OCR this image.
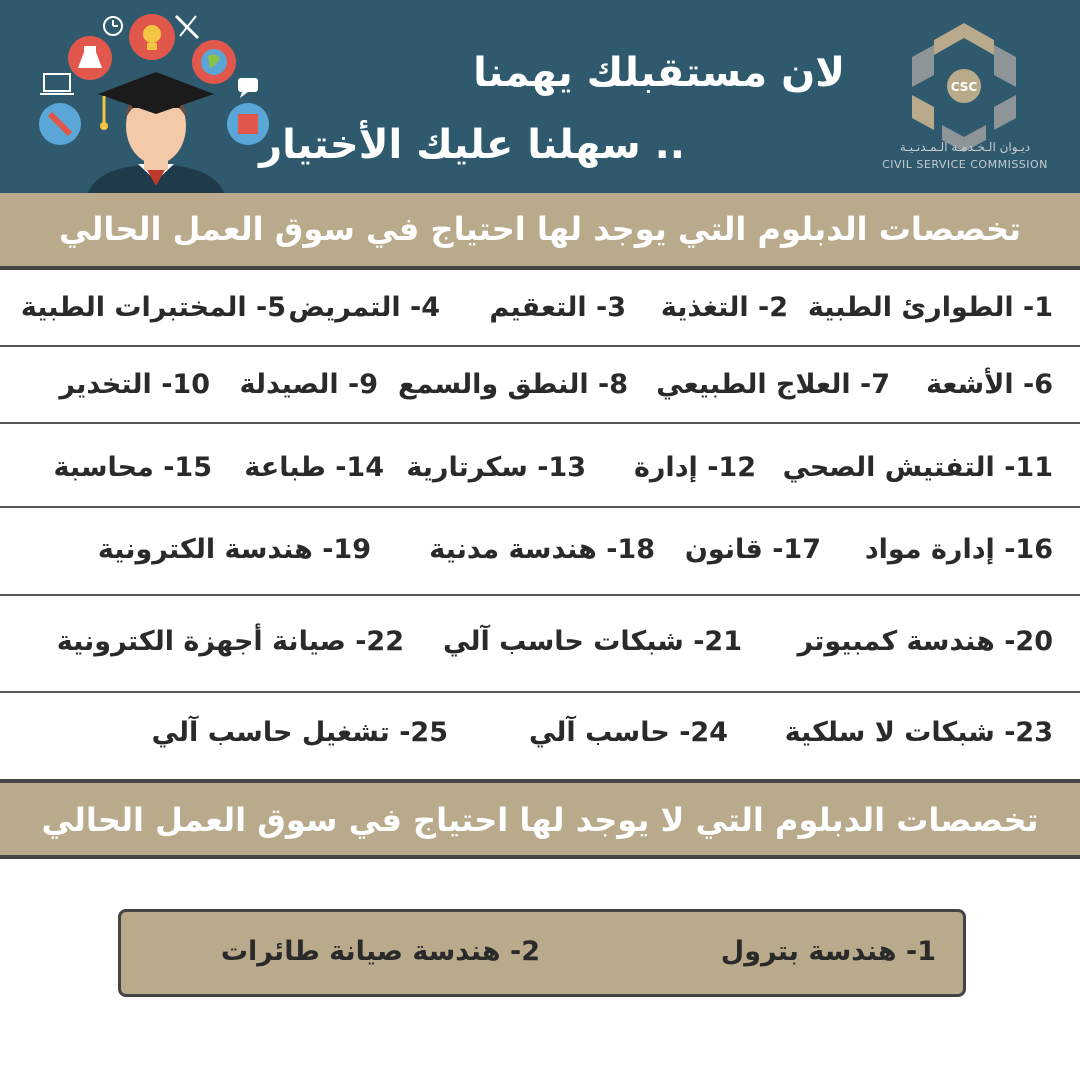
لان مستقبلك يهمنا
.. سهلنا عليك الأختيار
CSC
ديـوان الـخـدمـة الـمـدنـيـة
CIVIL SERVICE COMMISSION
تخصصات الدبلوم التي يوجد لها احتياج في سوق العمل الحالي
1- الطوارئ الطبية
2- التغذية
3- التعقيم
4- التمريض
5- المختبرات الطبية
6- الأشعة
7- العلاج الطبيعي
8- النطق والسمع
9- الصيدلة
10- التخدير
11- التفتيش الصحي
12- إدارة
13- سكرتارية
14- طباعة
15- محاسبة
16- إدارة مواد
17- قانون
18- هندسة مدنية
19- هندسة الكترونية
20- هندسة كمبيوتر
21- شبكات حاسب آلي
22- صيانة أجهزة الكترونية
23- شبكات لا سلكية
24- حاسب آلي
25- تشغيل حاسب آلي
تخصصات الدبلوم التي لا يوجد لها احتياج في سوق العمل الحالي
1- هندسة بترول
2- هندسة صيانة طائرات
